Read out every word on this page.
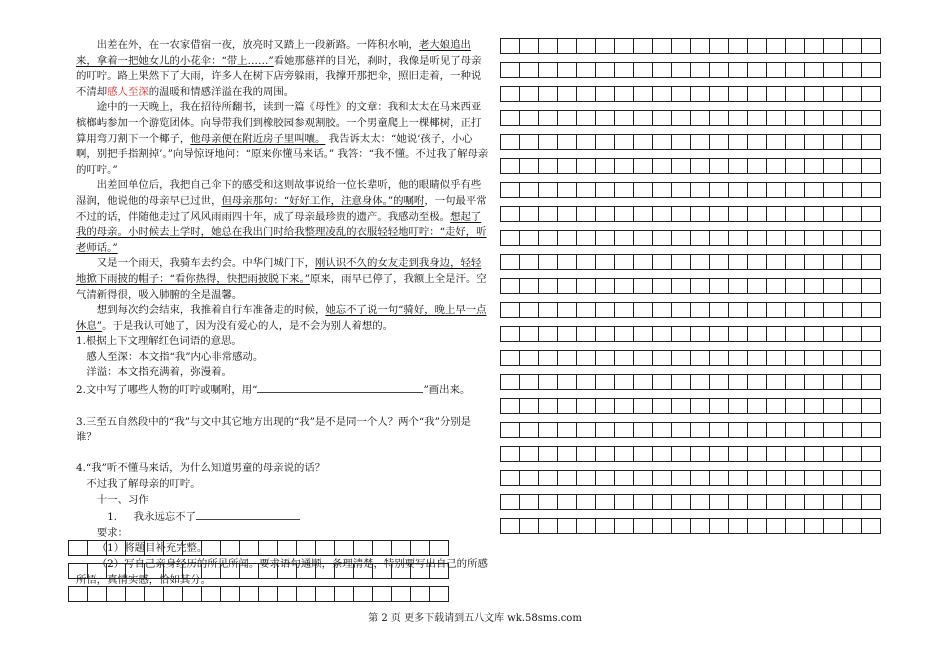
出差在外，在一农家借宿一夜，放亮时又踏上一段新路。一阵积水响，老大娘追出来，拿着一把她女儿的小花伞：“带上……”看她那慈祥的目光，刹时，我像是听见了母亲的叮咛。路上果然下了大雨，许多人在树下店旁躲雨，我撑开那把伞，照旧走着，一种说不清却感人至深的温暖和情感洋溢在我的周围。

途中的一天晚上，我在招待所翻书，读到一篇《母性》的文章：我和太太在马来西亚槟榔屿参加一个游览团体。向导带我们到橡胶园参观割胶。一个男童爬上一棵椰树，正打算用弯刀割下一个椰子，他母亲便在附近房子里叫嚷。 我告诉太太：“她说‘孩子，小心啊，别把手指割掉’。”向导惊讶地问：“原来你懂马来话。” 我答：“我不懂。不过我了解母亲的叮咛。”

出差回单位后，我把自己伞下的感受和这则故事说给一位长辈听，他的眼睛似乎有些湿润，他说他的母亲早已过世，但母亲那句：“好好工作，注意身体。”的嘱咐，一句最平常不过的话，伴随他走过了风风雨雨四十年，成了母亲最珍贵的遗产。我感动至极。想起了我的母亲。小时候去上学时，她总在我出门时给我整理凌乱的衣服轻轻地叮咛：“走好，听老师话。”

又是一个雨天，我骑车去约会。中华门城门下，刚认识不久的女友走到我身边，轻轻地掀下雨披的帽子：“看你热得，快把雨披脱下来。”原来，雨早已停了，我额上全是汗。空气清新得很，吸入肺腑的全是温馨。

想到每次约会结束，我推着自行车准备走的时候，她忘不了说一句“骑好，晚上早一点休息”。于是我认可她了，因为没有爱心的人，是不会为别人着想的。

1.根据上下文理解红色词语的意思。

感人至深：本文指“我”内心非常感动。

洋溢：本文指充满着，弥漫着。

2.文中写了哪些人物的叮咛或嘱咐，用“	”画出来。

3.三至五自然段中的“我”与文中其它地方出现的“我”是不是同一个人？两个“我”分别是谁？

4.“我”听不懂马来话，为什么知道男童的母亲说的话？

不过我了解母亲的叮咛。

十一、习作

1. 我永远忘不了

要求：

（1）将题目补充完整。

（2）写自己亲身经历的所见所闻。要求语句通顺，条理清楚，特别要写出自己的所感所悟，真情实感，恰如其分。

第 2 页 更多下载请到五八文库 wk.58sms.com
